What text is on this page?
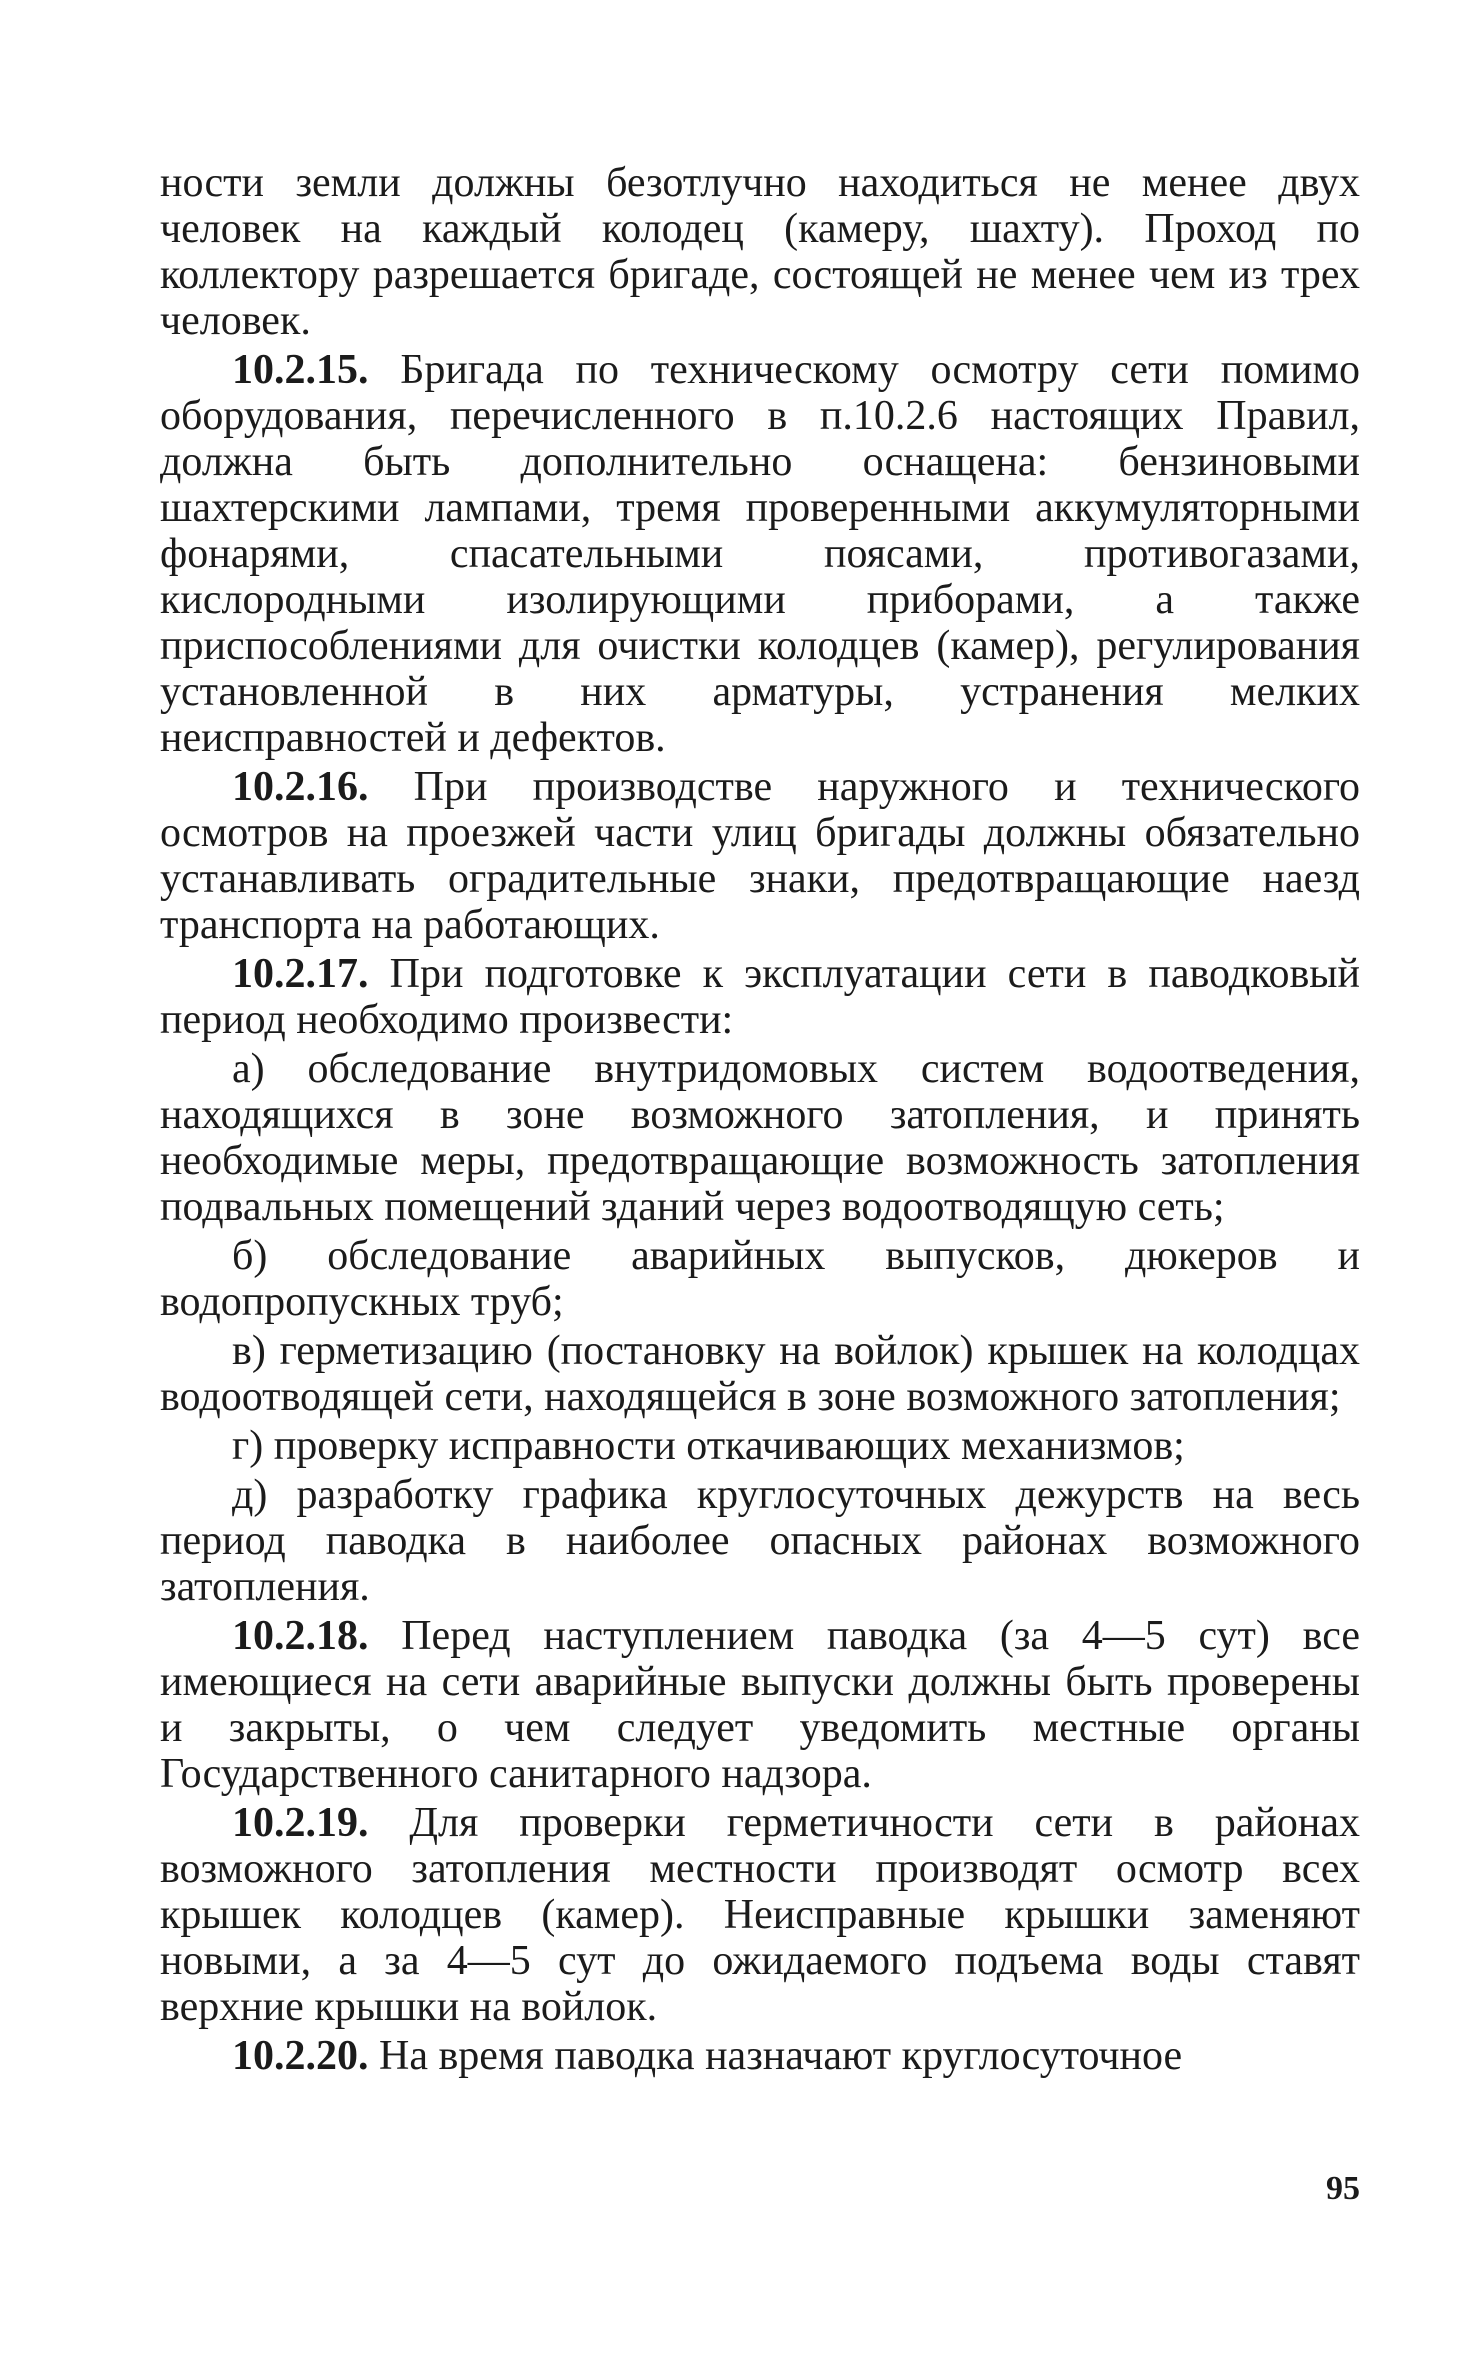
ности земли должны безотлучно находиться не менее двух человек на каждый колодец (камеру, шахту). Проход по коллектору разрешается бригаде, состоящей не менее чем из трех человек.

10.2.15. Бригада по техническому осмотру сети помимо оборудования, перечисленного в п.10.2.6 настоящих Правил, должна быть дополнительно оснащена: бензиновыми шахтерскими лампами, тремя проверенными аккумуляторными фонарями, спасательными поясами, противогазами, кислородными изолирующими приборами, а также приспособлениями для очистки колодцев (камер), регулирования установленной в них арматуры, устранения мелких неисправностей и дефектов.

10.2.16. При производстве наружного и технического осмотров на проезжей части улиц бригады должны обязательно устанавливать оградительные знаки, предотвращающие наезд транспорта на работающих.

10.2.17. При подготовке к эксплуатации сети в паводковый период необходимо произвести:

а) обследование внутридомовых систем водоотведения, находящихся в зоне возможного затопления, и принять необходимые меры, предотвращающие возможность затопления подвальных помещений зданий через водоотводящую сеть;

б) обследование аварийных выпусков, дюкеров и водопропускных труб;

в) герметизацию (постановку на войлок) крышек на колодцах водоотводящей сети, находящейся в зоне возможного затопления;

г) проверку исправности откачивающих механизмов;

д) разработку графика круглосуточных дежурств на весь период паводка в наиболее опасных районах возможного затопления.

10.2.18. Перед наступлением паводка (за 4—5 сут) все имеющиеся на сети аварийные выпуски должны быть проверены и закрыты, о чем следует уведомить местные органы Государственного санитарного надзора.

10.2.19. Для проверки герметичности сети в районах возможного затопления местности производят осмотр всех крышек колодцев (камер). Неисправные крышки заменяют новыми, а за 4—5 сут до ожидаемого подъема воды ставят верхние крышки на войлок.

10.2.20. На время паводка назначают круглосуточное

95
